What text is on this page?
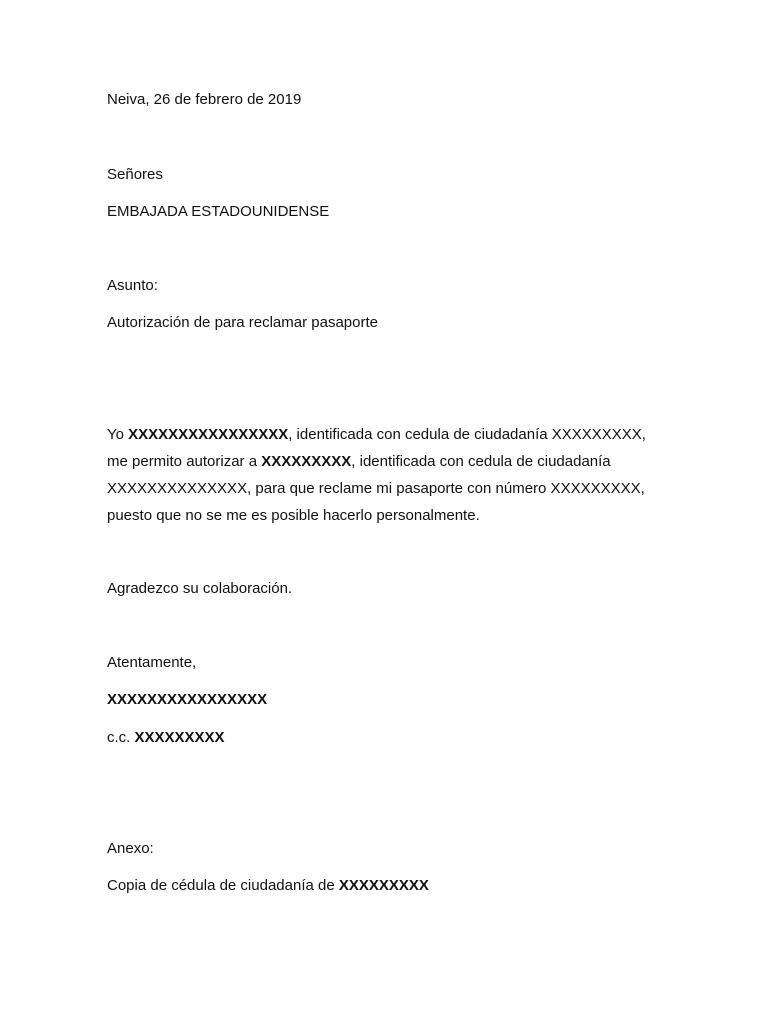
Neiva, 26 de febrero de 2019
Señores
EMBAJADA ESTADOUNIDENSE
Asunto:
Autorización de para reclamar pasaporte
Yo XXXXXXXXXXXXXXXX, identificada con cedula de ciudadanía XXXXXXXXX,
me permito autorizar a XXXXXXXXX, identificada con cedula de ciudadanía
XXXXXXXXXXXXXX, para que reclame mi pasaporte con número XXXXXXXXX,
puesto que no se me es posible hacerlo personalmente.
Agradezco su colaboración.
Atentamente,
XXXXXXXXXXXXXXXX
c.c. XXXXXXXXX
Anexo:
Copia de cédula de ciudadanía de XXXXXXXXX
